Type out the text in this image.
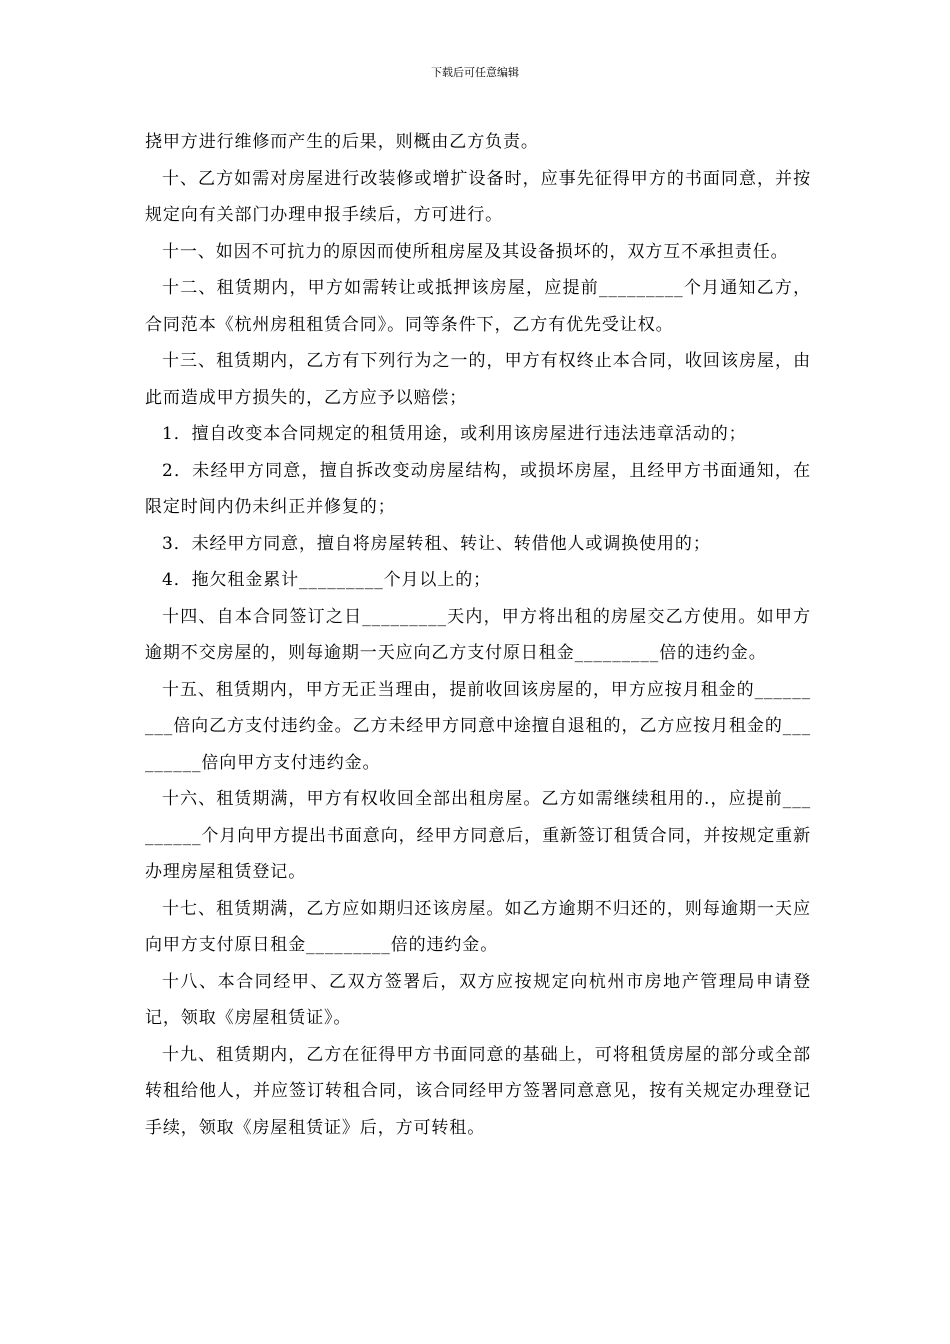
下载后可任意编辑

挠甲方进行维修而产生的后果，则概由乙方负责。

十、乙方如需对房屋进行改装修或增扩设备时，应事先征得甲方的书面同意，并按规定向有关部门办理申报手续后，方可进行。

十一、如因不可抗力的原因而使所租房屋及其设备损坏的，双方互不承担责任。

十二、租赁期内，甲方如需转让或抵押该房屋，应提前_________个月通知乙方，合同范本《杭州房租租赁合同》。同等条件下，乙方有优先受让权。

十三、租赁期内，乙方有下列行为之一的，甲方有权终止本合同，收回该房屋，由此而造成甲方损失的，乙方应予以赔偿；

1．擅自改变本合同规定的租赁用途，或利用该房屋进行违法违章活动的；

2．未经甲方同意，擅自拆改变动房屋结构，或损坏房屋，且经甲方书面通知，在限定时间内仍未纠正并修复的；

3．未经甲方同意，擅自将房屋转租、转让、转借他人或调换使用的；

4．拖欠租金累计_________个月以上的；

十四、自本合同签订之日_________天内，甲方将出租的房屋交乙方使用。如甲方逾期不交房屋的，则每逾期一天应向乙方支付原日租金_________倍的违约金。

十五、租赁期内，甲方无正当理由，提前收回该房屋的，甲方应按月租金的_________倍向乙方支付违约金。乙方未经甲方同意中途擅自退租的，乙方应按月租金的_________倍向甲方支付违约金。

十六、租赁期满，甲方有权收回全部出租房屋。乙方如需继续租用的.，应提前_________个月向甲方提出书面意向，经甲方同意后，重新签订租赁合同，并按规定重新办理房屋租赁登记。

十七、租赁期满，乙方应如期归还该房屋。如乙方逾期不归还的，则每逾期一天应向甲方支付原日租金_________倍的违约金。

十八、本合同经甲、乙双方签署后，双方应按规定向杭州市房地产管理局申请登记，领取《房屋租赁证》。

十九、租赁期内，乙方在征得甲方书面同意的基础上，可将租赁房屋的部分或全部转租给他人，并应签订转租合同，该合同经甲方签署同意意见，按有关规定办理登记手续，领取《房屋租赁证》后，方可转租。
